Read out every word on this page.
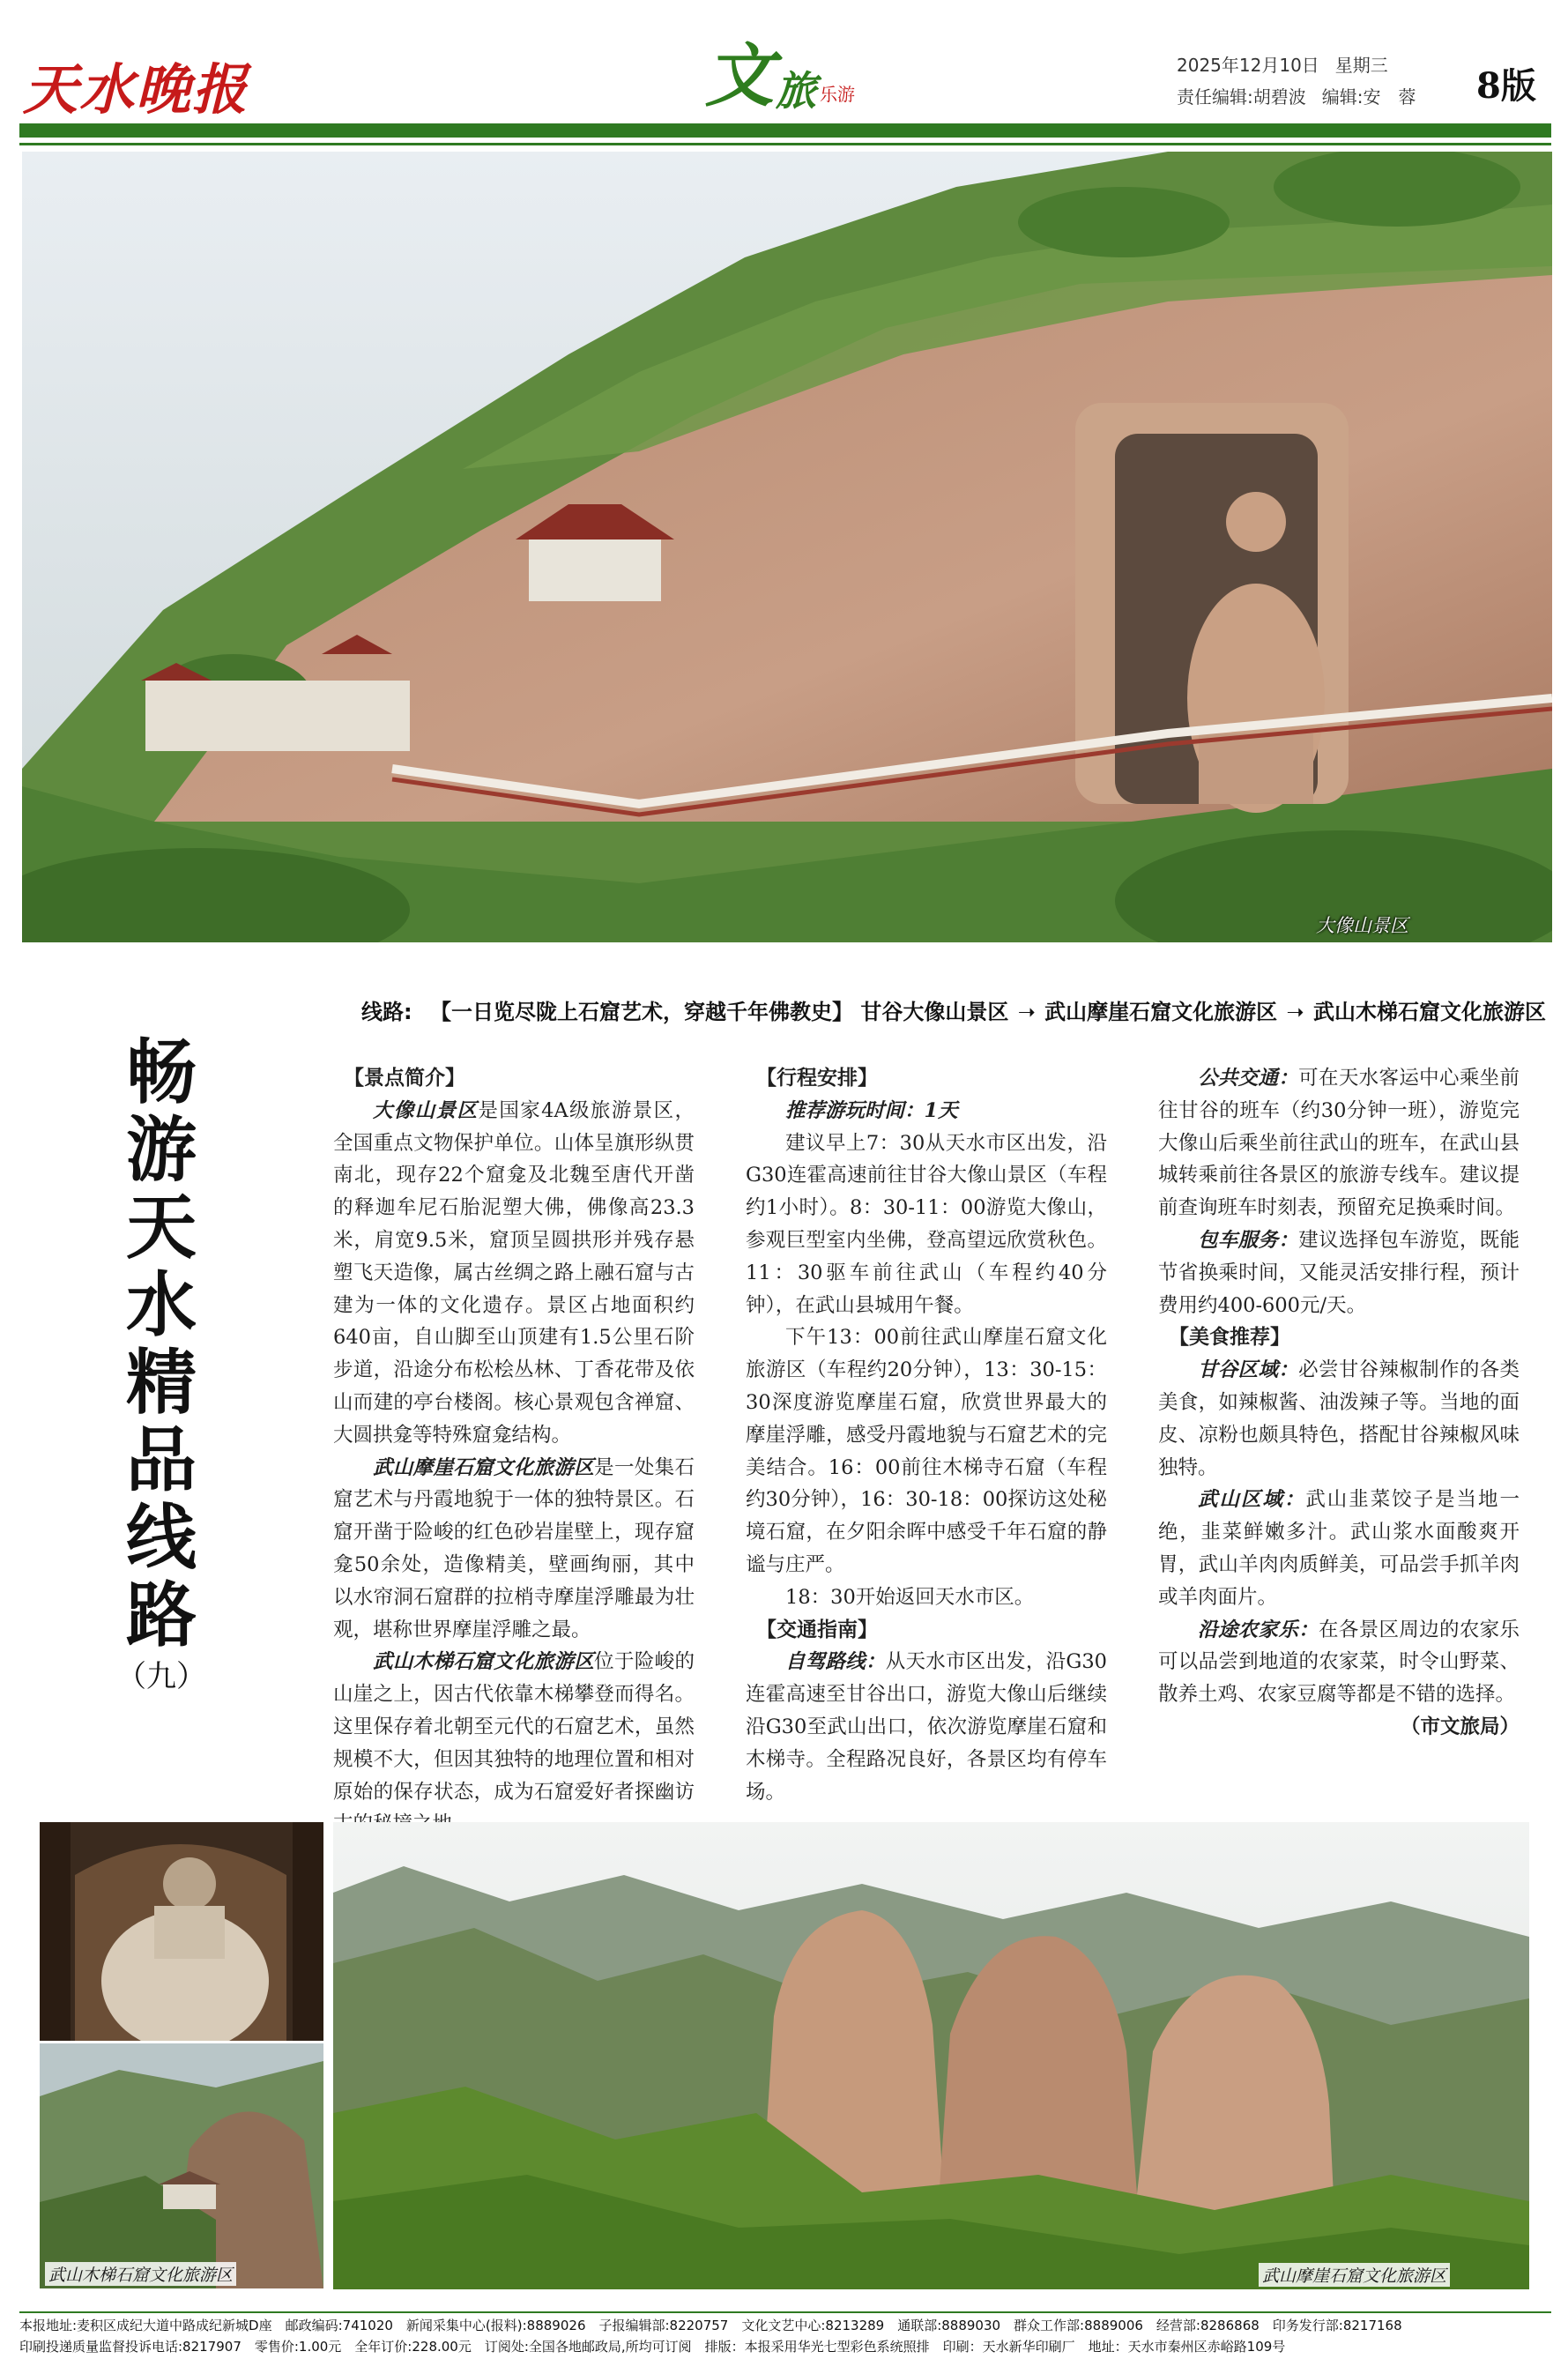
天水晚报	文 旅 乐游
2025年12月10日 星期三
责任编辑:胡碧波 编辑:安　蓉 8版
大像山景区
线路: 【一日览尽陇上石窟艺术，穿越千年佛教史】 甘谷大像山景区 ➝ 武山摩崖石窟文化旅游区 ➝ 武山木梯石窟文化旅游区
畅
游
天
水
精
品
线
路
（九）

【景点简介】

大像山景区是国家4A级旅游景区，全国重点文物保护单位。山体呈旗形纵贯南北，现存22个窟龛及北魏至唐代开凿的释迦牟尼石胎泥塑大佛，佛像高23.3米，肩宽9.5米，窟顶呈圆拱形并残存悬塑飞天造像，属古丝绸之路上融石窟与古建为一体的文化遗存。景区占地面积约640亩，自山脚至山顶建有1.5公里石阶步道，沿途分布松桧丛林、丁香花带及依山而建的亭台楼阁。核心景观包含禅窟、大圆拱龛等特殊窟龛结构。

武山摩崖石窟文化旅游区是一处集石窟艺术与丹霞地貌于一体的独特景区。石窟开凿于险峻的红色砂岩崖壁上，现存窟龛50余处，造像精美，壁画绚丽，其中以水帘洞石窟群的拉梢寺摩崖浮雕最为壮观，堪称世界摩崖浮雕之最。

武山木梯石窟文化旅游区位于险峻的山崖之上，因古代依靠木梯攀登而得名。这里保存着北朝至元代的石窟艺术，虽然规模不大，但因其独特的地理位置和相对原始的保存状态，成为石窟爱好者探幽访

【行程安排】

推荐游玩时间：1天

建议早上7：30从天水市区出发，沿G30连霍高速前往甘谷大像山景区（车程约1小时）。8：30-11：00游览大像山，参观巨型室内坐佛，登高望远欣赏秋色。11：30驱车前往武山（车程约40分钟），在武山县城用午餐。

下午13：00前往武山摩崖石窟文化旅游区（车程约20分钟），13：30-15：30深度游览摩崖石窟，欣赏世界最大的摩崖浮雕，感受丹霞地貌与石窟艺术的完美结合。16：00前往木梯寺石窟（车程约30分钟），16：30-18：00探访这处秘境石窟，在夕阳余晖中感受千年石窟的静谧与庄严。

18：30开始返回天水市区。

【交通指南】

自驾路线：从天水市区出发，沿G30连霍高速至甘谷出口，游览大像山后继续沿G30至武山出口，依次游览摩崖石窟和木梯寺。全程路况良好，各景区均有停车场。

公共交通：可在天水客运中心乘坐前往甘谷的班车（约30分钟一班），游览完大像山后乘坐前往武山的班车，在武山县城转乘前往各景区的旅游专线车。建议提前查询班车时刻表，预留充足换乘时间。

包车服务：建议选择包车游览，既能节省换乘时间，又能灵活安排行程，预计费用约400-600元/天。

【美食推荐】

甘谷区域：必尝甘谷辣椒制作的各类美食，如辣椒酱、油泼辣子等。当地的面皮、凉粉也颇具特色，搭配甘谷辣椒风味独特。

武山区域：武山韭菜饺子是当地一绝，韭菜鲜嫩多汁。武山浆水面酸爽开胃，武山羊肉肉质鲜美，可品尝手抓羊肉或羊肉面片。

沿途农家乐：在各景区周边的农家乐可以品尝到地道的农家菜，时令山野菜、散养土鸡、农家豆腐等都是不错的选择。

（市文旅局）

武山木梯石窟文化旅游区	武山摩崖石窟文化旅游区
本报地址:麦积区成纪大道中路成纪新城D座　邮政编码:741020　新闻采集中心(报料):8889026　子报编辑部:8220757　文化文艺中心:8213289　通联部:8889030　群众工作部:8889006　经营部:8286868　印务发行部:8217168
印刷投递质量监督投诉电话:8217907　零售价:1.00元　全年订价:228.00元　订阅处:全国各地邮政局,所均可订阅　排版：本报采用华光七型彩色系统照排　印刷：天水新华印刷厂　地址：天水市秦州区赤峪路109号
